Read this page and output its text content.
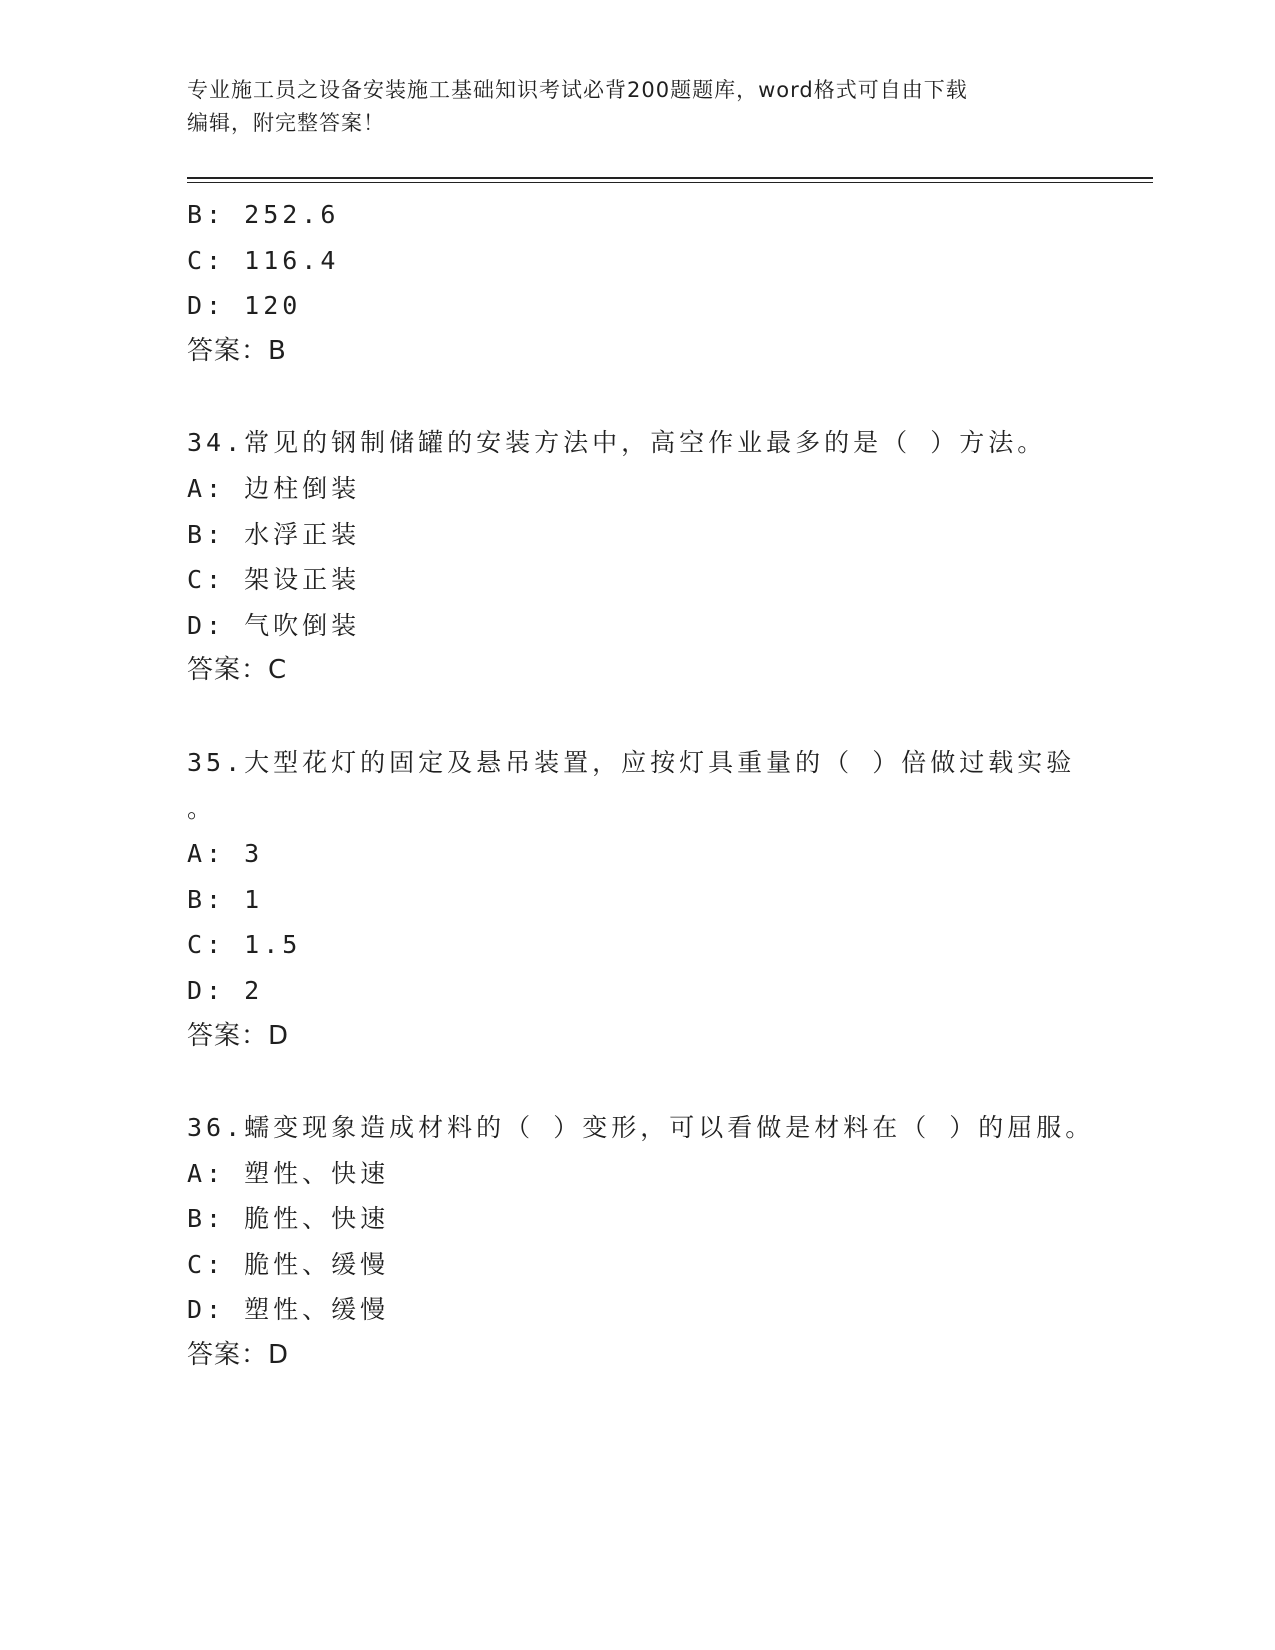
专业施工员之设备安装施工基础知识考试必背200题题库，word格式可自由下载
编辑，附完整答案！
B: 252.6
C: 116.4
D: 120
答案：B
34.常见的钢制储罐的安装方法中，高空作业最多的是（ ）方法。
A: 边柱倒装
B: 水浮正装
C: 架设正装
D: 气吹倒装
答案：C
35.大型花灯的固定及悬吊装置，应按灯具重量的（ ）倍做过载实验
。
A: 3
B: 1
C: 1.5
D: 2
答案：D
36.蠕变现象造成材料的（ ）变形，可以看做是材料在（ ）的屈服。
A: 塑性、快速
B: 脆性、快速
C: 脆性、缓慢
D: 塑性、缓慢
答案：D
